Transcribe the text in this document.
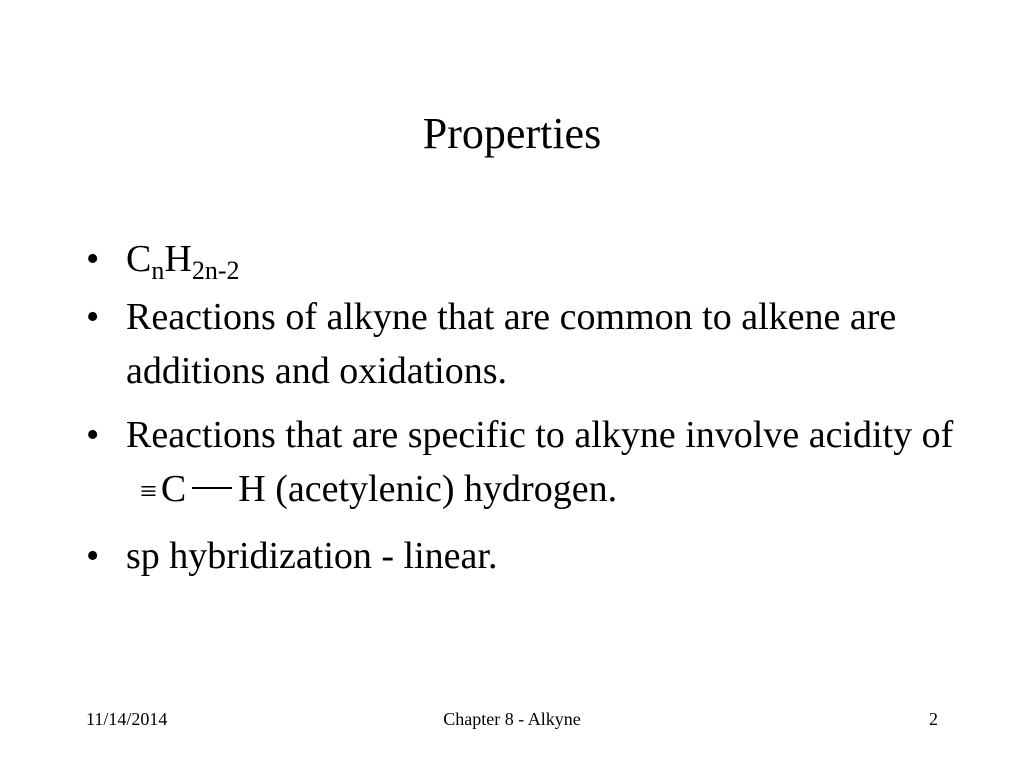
Properties
• $C_nH_{2n-2}$
• Reactions of alkyne that are common to alkene are additions and oxidations.
• Reactions that are specific to alkyne involve acidity of ≡ C H (acetylenic) hydrogen.
• sp hybridization - linear.
11/14/2014	Chapter 8 - Alkyne	2
